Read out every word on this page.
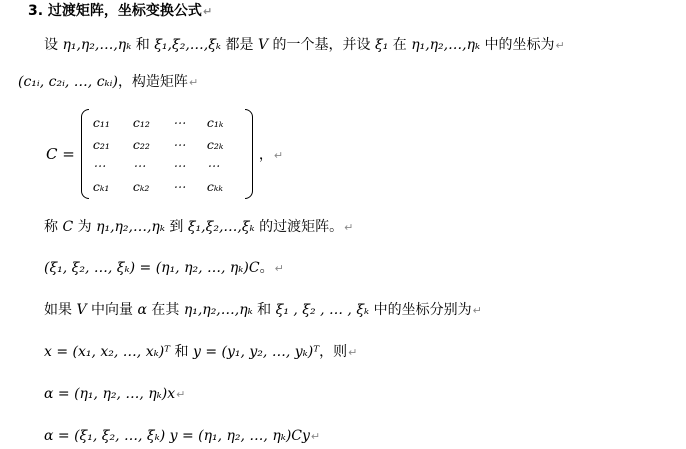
3. 过渡矩阵，坐标变换公式↵
设 η₁,η₂,…,ηₖ 和 ξ₁,ξ₂,…,ξₖ 都是 V 的一个基，并设 ξ₁ 在 η₁,η₂,…,ηₖ 中的坐标为↵
(c₁ᵢ, c₂ᵢ, …, cₖᵢ)，构造矩阵↵
C =
c₁₁ c₁₂ ⋯ c₁ₖ
c₂₁ c₂₂ ⋯ c₂ₖ
⋯ ⋯ ⋯ ⋯
cₖ₁ cₖ₂ ⋯ cₖₖ
，↵
称 C 为 η₁,η₂,…,ηₖ 到 ξ₁,ξ₂,…,ξₖ 的过渡矩阵。↵
(ξ₁, ξ₂, …, ξₖ) = (η₁, η₂, …, ηₖ)C。↵
如果 V 中向量 α 在其 η₁,η₂,…,ηₖ 和 ξ₁ , ξ₂ , … , ξₖ 中的坐标分别为↵
x = (x₁, x₂, …, xₖ)ᵀ 和 y = (y₁, y₂, …, yₖ)ᵀ，则↵
α = (η₁, η₂, …, ηₖ)x↵
α = (ξ₁, ξ₂, …, ξₖ) y = (η₁, η₂, …, ηₖ)Cy↵
